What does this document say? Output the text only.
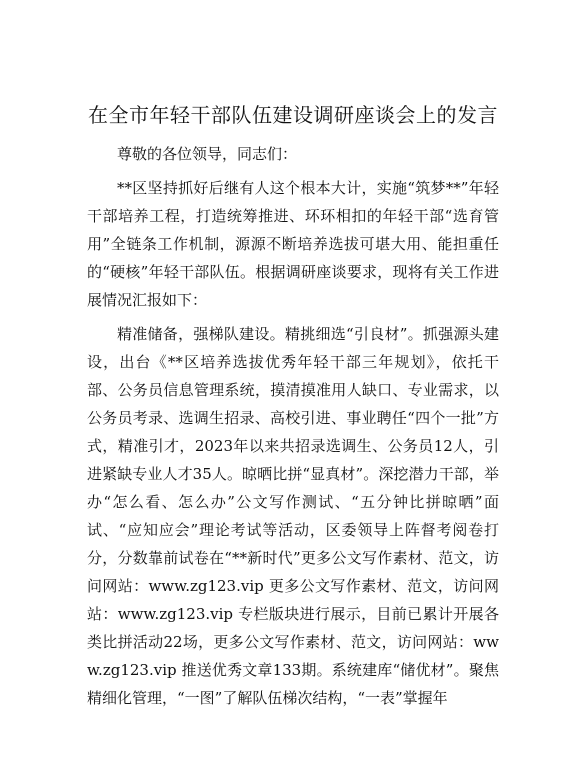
在全市年轻干部队伍建设调研座谈会上的发言

尊敬的各位领导，同志们：

**区坚持抓好后继有人这个根本大计，实施“筑梦**”年轻干部培养工程，打造统筹推进、环环相扣的年轻干部“选育管用”全链条工作机制，源源不断培养选拔可堪大用、能担重任的“硬核”年轻干部队伍。根据调研座谈要求，现将有关工作进展情况汇报如下：

精准储备，强梯队建设。精挑细选“引良材”。抓强源头建设，出台《**区培养选拔优秀年轻干部三年规划》，依托干部、公务员信息管理系统，摸清摸准用人缺口、专业需求，以公务员考录、选调生招录、高校引进、事业聘任“四个一批”方式，精准引才，2023年以来共招录选调生、公务员12人，引进紧缺专业人才35人。晾晒比拼“显真材”。深挖潜力干部，举办“怎么看、怎么办”公文写作测试、“五分钟比拼晾晒”面试、“应知应会”理论考试等活动，区委领导上阵督考阅卷打分，分数靠前试卷在“**新时代”更多公文写作素材、范文，访问网站：www.zg123.vip 更多公文写作素材、范文，访问网站：www.zg123.vip 专栏版块进行展示，目前已累计开展各类比拼活动22场，更多公文写作素材、范文，访问网站：www.zg123.vip 推送优秀文章133期。系统建库“储优材”。聚焦精细化管理，“一图”了解队伍梯次结构，“一表”掌握年
